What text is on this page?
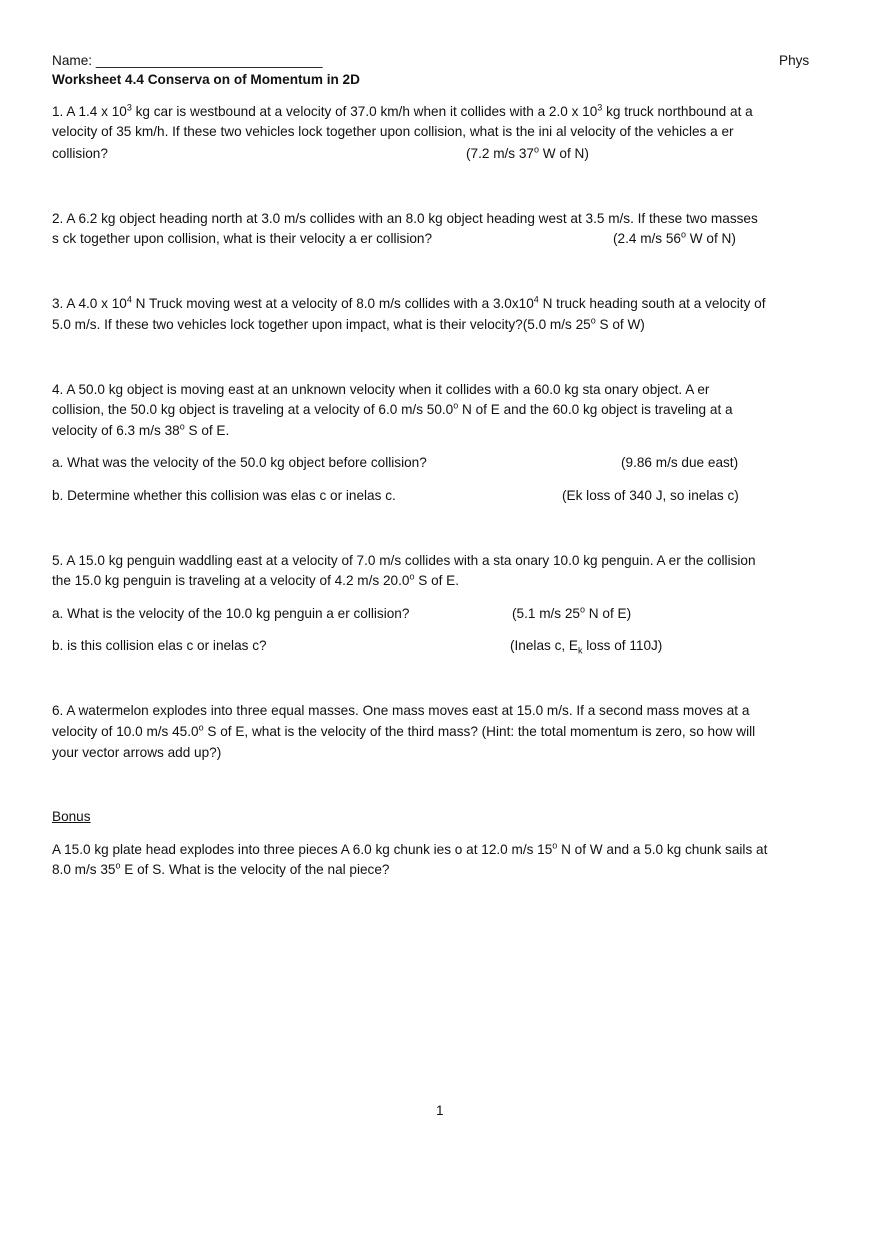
Name: ______________________________	Phys
Worksheet 4.4 Conserva on of Momentum in 2D
1. A 1.4 x $10^3$ kg car is westbound at a velocity of 37.0 km/h when it collides with a 2.0 x $10^3$ kg truck northbound at a
velocity of 35 km/h. If these two vehicles lock together upon collision, what is the ini al velocity of the vehicles a er
collision?	(7.2 m/s 37$^o$ W of N)
2. A 6.2 kg object heading north at 3.0 m/s collides with an 8.0 kg object heading west at 3.5 m/s. If these two masses
s ck together upon collision, what is their velocity a er collision?	(2.4 m/s 56$^o$ W of N)
3. A 4.0 x $10^4$ N Truck moving west at a velocity of 8.0 m/s collides with a $3.0x10^4$ N truck heading south at a velocity of
5.0 m/s. If these two vehicles lock together upon impact, what is their velocity?(5.0 m/s 25$^o$ S of W)
4. A 50.0 kg object is moving east at an unknown velocity when it collides with a 60.0 kg sta onary object. A er
collision, the 50.0 kg object is traveling at a velocity of 6.0 m/s 50.0$^o$ N of E and the 60.0 kg object is traveling at a
velocity of 6.3 m/s 38$^o$ S of E.
a. What was the velocity of the 50.0 kg object before collision?	(9.86 m/s due east)
b. Determine whether this collision was elas c or inelas c.	(Ek loss of 340 J, so inelas c)
5. A 15.0 kg penguin waddling east at a velocity of 7.0 m/s collides with a sta onary 10.0 kg penguin. A er the collision
the 15.0 kg penguin is traveling at a velocity of 4.2 m/s 20.0$^o$ S of E.
a. What is the velocity of the 10.0 kg penguin a er collision?	(5.1 m/s 25$^o$ N of E)
b. is this collision elas c or inelas c?	(Inelas c, $E_k$ loss of 110J)
6. A watermelon explodes into three equal masses. One mass moves east at 15.0 m/s. If a second mass moves at a
velocity of 10.0 m/s 45.0$^o$ S of E, what is the velocity of the third mass? (Hint: the total momentum is zero, so how will
your vector arrows add up?)
Bonus
A 15.0 kg plate head explodes into three pieces A 6.0 kg chunk ies o at 12.0 m/s 15$^o$ N of W and a 5.0 kg chunk sails at
8.0 m/s 35$^o$ E of S. What is the velocity of the nal piece?
1
